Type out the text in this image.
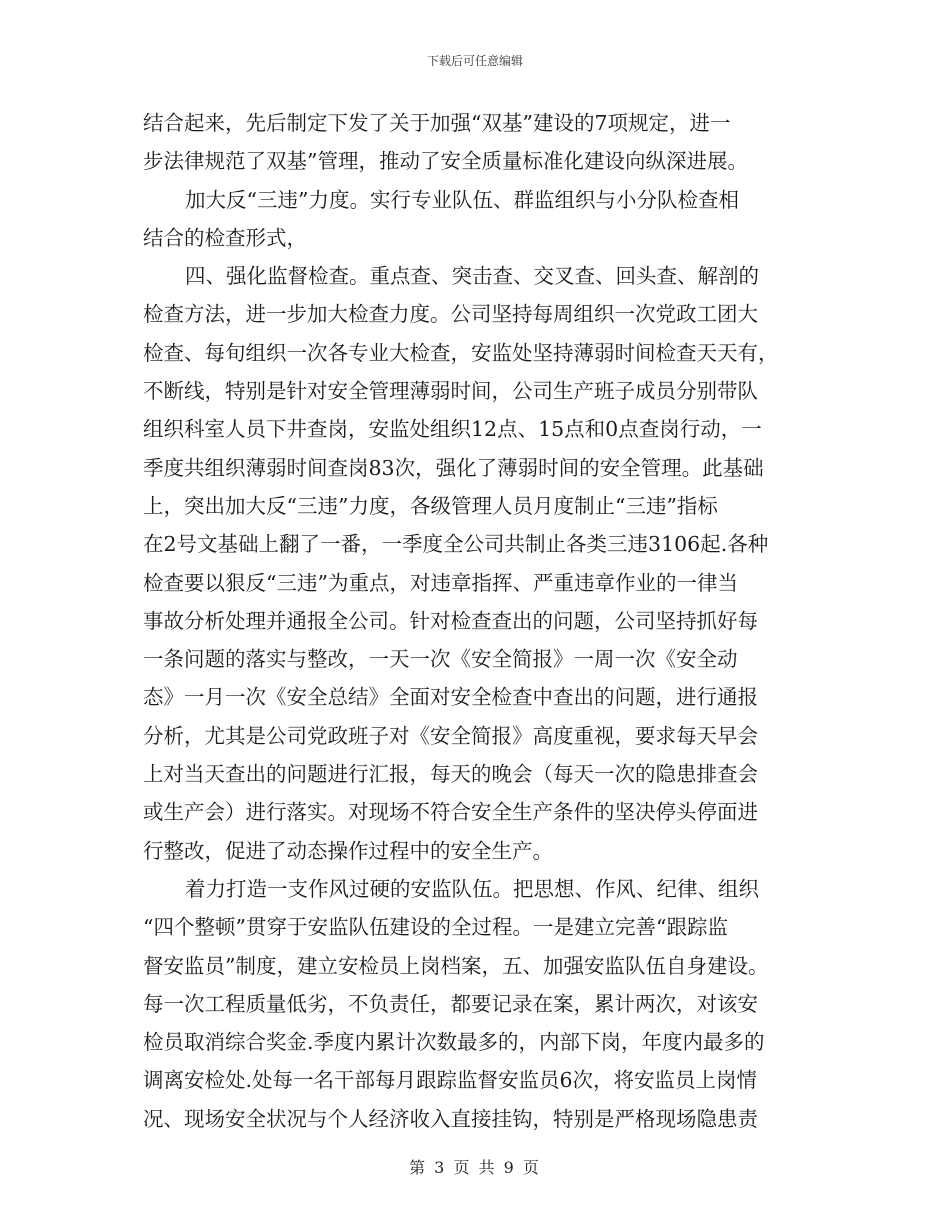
下载后可任意编辑
结合起来，先后制定下发了关于加强“双基”建设的7项规定，进一
步法律规范了双基”管理，推动了安全质量标准化建设向纵深进展。
加大反“三违”力度。实行专业队伍、群监组织与小分队检查相
结合的检查形式，
四、强化监督检查。重点查、突击查、交叉查、回头查、解剖的
检查方法，进一步加大检查力度。公司坚持每周组织一次党政工团大
检查、每旬组织一次各专业大检查，安监处坚持薄弱时间检查天天有，
不断线，特别是针对安全管理薄弱时间，公司生产班子成员分别带队
组织科室人员下井查岗，安监处组织12点、15点和0点查岗行动，一
季度共组织薄弱时间查岗83次，强化了薄弱时间的安全管理。此基础
上，突出加大反“三违”力度，各级管理人员月度制止“三违”指标
在2号文基础上翻了一番，一季度全公司共制止各类三违3106起.各种
检查要以狠反“三违”为重点，对违章指挥、严重违章作业的一律当
事故分析处理并通报全公司。针对检查查出的问题，公司坚持抓好每
一条问题的落实与整改，一天一次《安全简报》一周一次《安全动
态》一月一次《安全总结》全面对安全检查中查出的问题，进行通报
分析，尤其是公司党政班子对《安全简报》高度重视，要求每天早会
上对当天查出的问题进行汇报，每天的晚会（每天一次的隐患排查会
或生产会）进行落实。对现场不符合安全生产条件的坚决停头停面进
行整改，促进了动态操作过程中的安全生产。
着力打造一支作风过硬的安监队伍。把思想、作风、纪律、组织
“四个整顿”贯穿于安监队伍建设的全过程。一是建立完善“跟踪监
督安监员”制度，建立安检员上岗档案，五、加强安监队伍自身建设。
每一次工程质量低劣，不负责任，都要记录在案，累计两次，对该安
检员取消综合奖金.季度内累计次数最多的，内部下岗，年度内最多的
调离安检处.处每一名干部每月跟踪监督安监员6次，将安监员上岗情
况、现场安全状况与个人经济收入直接挂钩，特别是严格现场隐患责
第 3 页 共 9 页
